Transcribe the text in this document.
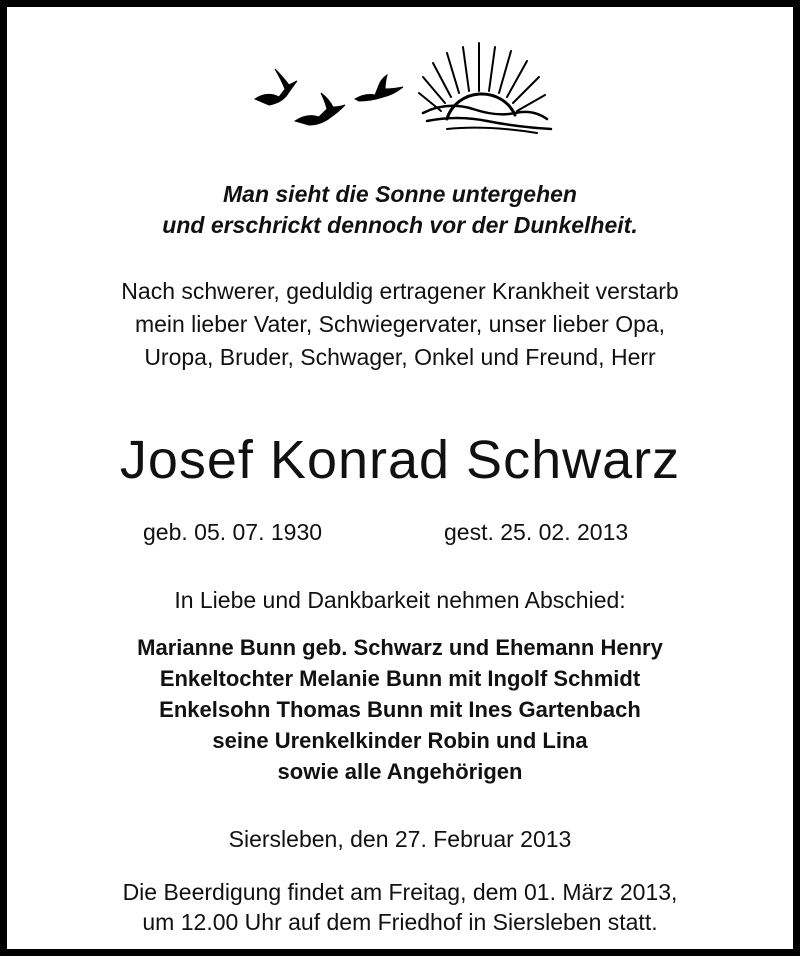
Man sieht die Sonne untergehen
und erschrickt dennoch vor der Dunkelheit.
Nach schwerer, geduldig ertragener Krankheit verstarb
mein lieber Vater, Schwiegervater, unser lieber Opa,
Uropa, Bruder, Schwager, Onkel und Freund, Herr
Josef Konrad Schwarz
geb. 05. 07. 1930	gest. 25. 02. 2013
In Liebe und Dankbarkeit nehmen Abschied:
Marianne Bunn geb. Schwarz und Ehemann Henry
Enkeltochter Melanie Bunn mit Ingolf Schmidt
Enkelsohn Thomas Bunn mit Ines Gartenbach
seine Urenkelkinder Robin und Lina
sowie alle Angehörigen
Siersleben, den 27. Februar 2013
Die Beerdigung findet am Freitag, dem 01. März 2013,
um 12.00 Uhr auf dem Friedhof in Siersleben statt.
